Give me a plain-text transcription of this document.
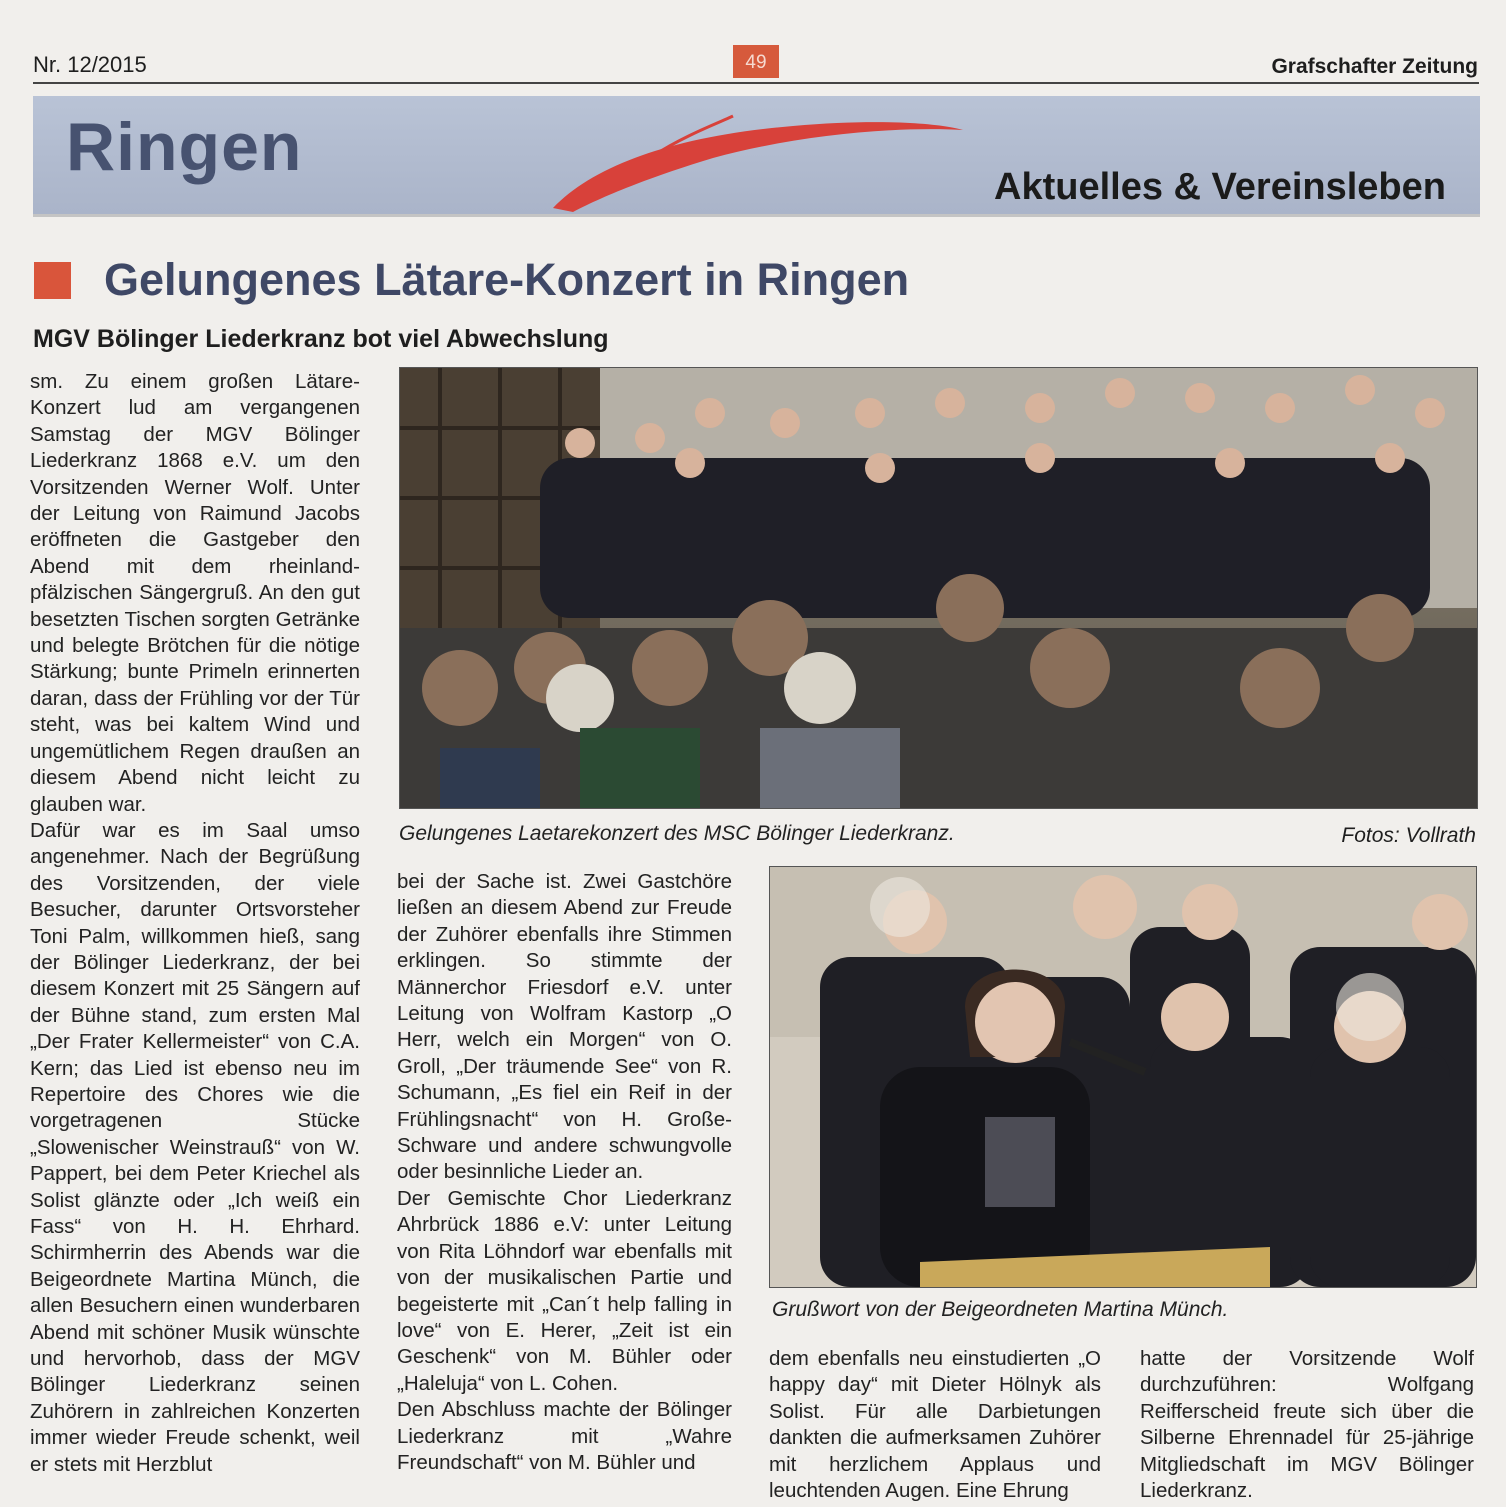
Nr. 12/2015	49	Grafschafter Zeitung
Ringen
Aktuelles & Vereinsleben
Gelungenes Lätare-Konzert in Ringen
MGV Bölinger Liederkranz bot viel Abwechslung

sm. Zu einem großen Lätare-Konzert lud am vergangenen Samstag der MGV Bölinger Liederkranz 1868 e.V. um den Vorsitzenden Werner Wolf. Unter der Leitung von Raimund Jacobs eröffneten die Gastgeber den Abend mit dem rheinland-pfälzischen Sängergruß. An den gut besetzten Tischen sorgten Getränke und belegte Brötchen für die nötige Stärkung; bunte Primeln erinnerten daran, dass der Frühling vor der Tür steht, was bei kaltem Wind und ungemütlichem Regen draußen an diesem Abend nicht leicht zu glauben war.

Dafür war es im Saal umso angenehmer. Nach der Begrüßung des Vorsitzenden, der viele Besucher, darunter Ortsvorsteher Toni Palm, willkommen hieß, sang der Bölinger Liederkranz, der bei diesem Konzert mit 25 Sängern auf der Bühne stand, zum ersten Mal „Der Frater Kellermeister“ von C.A. Kern; das Lied ist ebenso neu im Repertoire des Chores wie die vorgetragenen Stücke „Slowenischer Weinstrauß“ von W. Pappert, bei dem Peter Kriechel als Solist glänzte oder „Ich weiß ein Fass“ von H. H. Ehrhard. Schirmherrin des Abends war die Beigeordnete Martina Münch, die allen Besuchern einen wunderbaren Abend mit schöner Musik wünschte und hervorhob, dass der MGV Bölinger Liederkranz seinen Zuhörern in zahlreichen Konzerten immer wieder Freude schenkt, weil er stets mit Herzblut

Gelungenes Laetarekonzert des MSC Bölinger Liederkranz.	Fotos: Vollrath

bei der Sache ist. Zwei Gastchöre ließen an diesem Abend zur Freude der Zuhörer ebenfalls ihre Stimmen erklingen. So stimmte der Männerchor Friesdorf e.V. unter Leitung von Wolfram Kastorp „O Herr, welch ein Morgen“ von O. Groll, „Der träumende See“ von R. Schumann, „Es fiel ein Reif in der Frühlingsnacht“ von H. Große-Schware und andere schwungvolle oder besinnliche Lieder an.

Der Gemischte Chor Liederkranz Ahrbrück 1886 e.V: unter Leitung von Rita Löhndorf war ebenfalls mit von der musikalischen Partie und begeisterte mit „Can´t help falling in love“ von E. Herer, „Zeit ist ein Geschenk“ von M. Bühler oder „Haleluja“ von L. Cohen.

Den Abschluss machte der Bölinger Liederkranz mit „Wahre Freundschaft“ von M. Bühler und

Grußwort von der Beigeordneten Martina Münch.

dem ebenfalls neu einstudierten „O happy day“ mit Dieter Hölnyk als Solist. Für alle Darbietungen dankten die aufmerksamen Zuhörer mit herzlichem Applaus und leuchtenden Augen. Eine Ehrung

hatte der Vorsitzende Wolf durchzuführen: Wolfgang Reifferscheid freute sich über die Silberne Ehrennadel für 25-jährige Mitgliedschaft im MGV Bölinger Liederkranz.
